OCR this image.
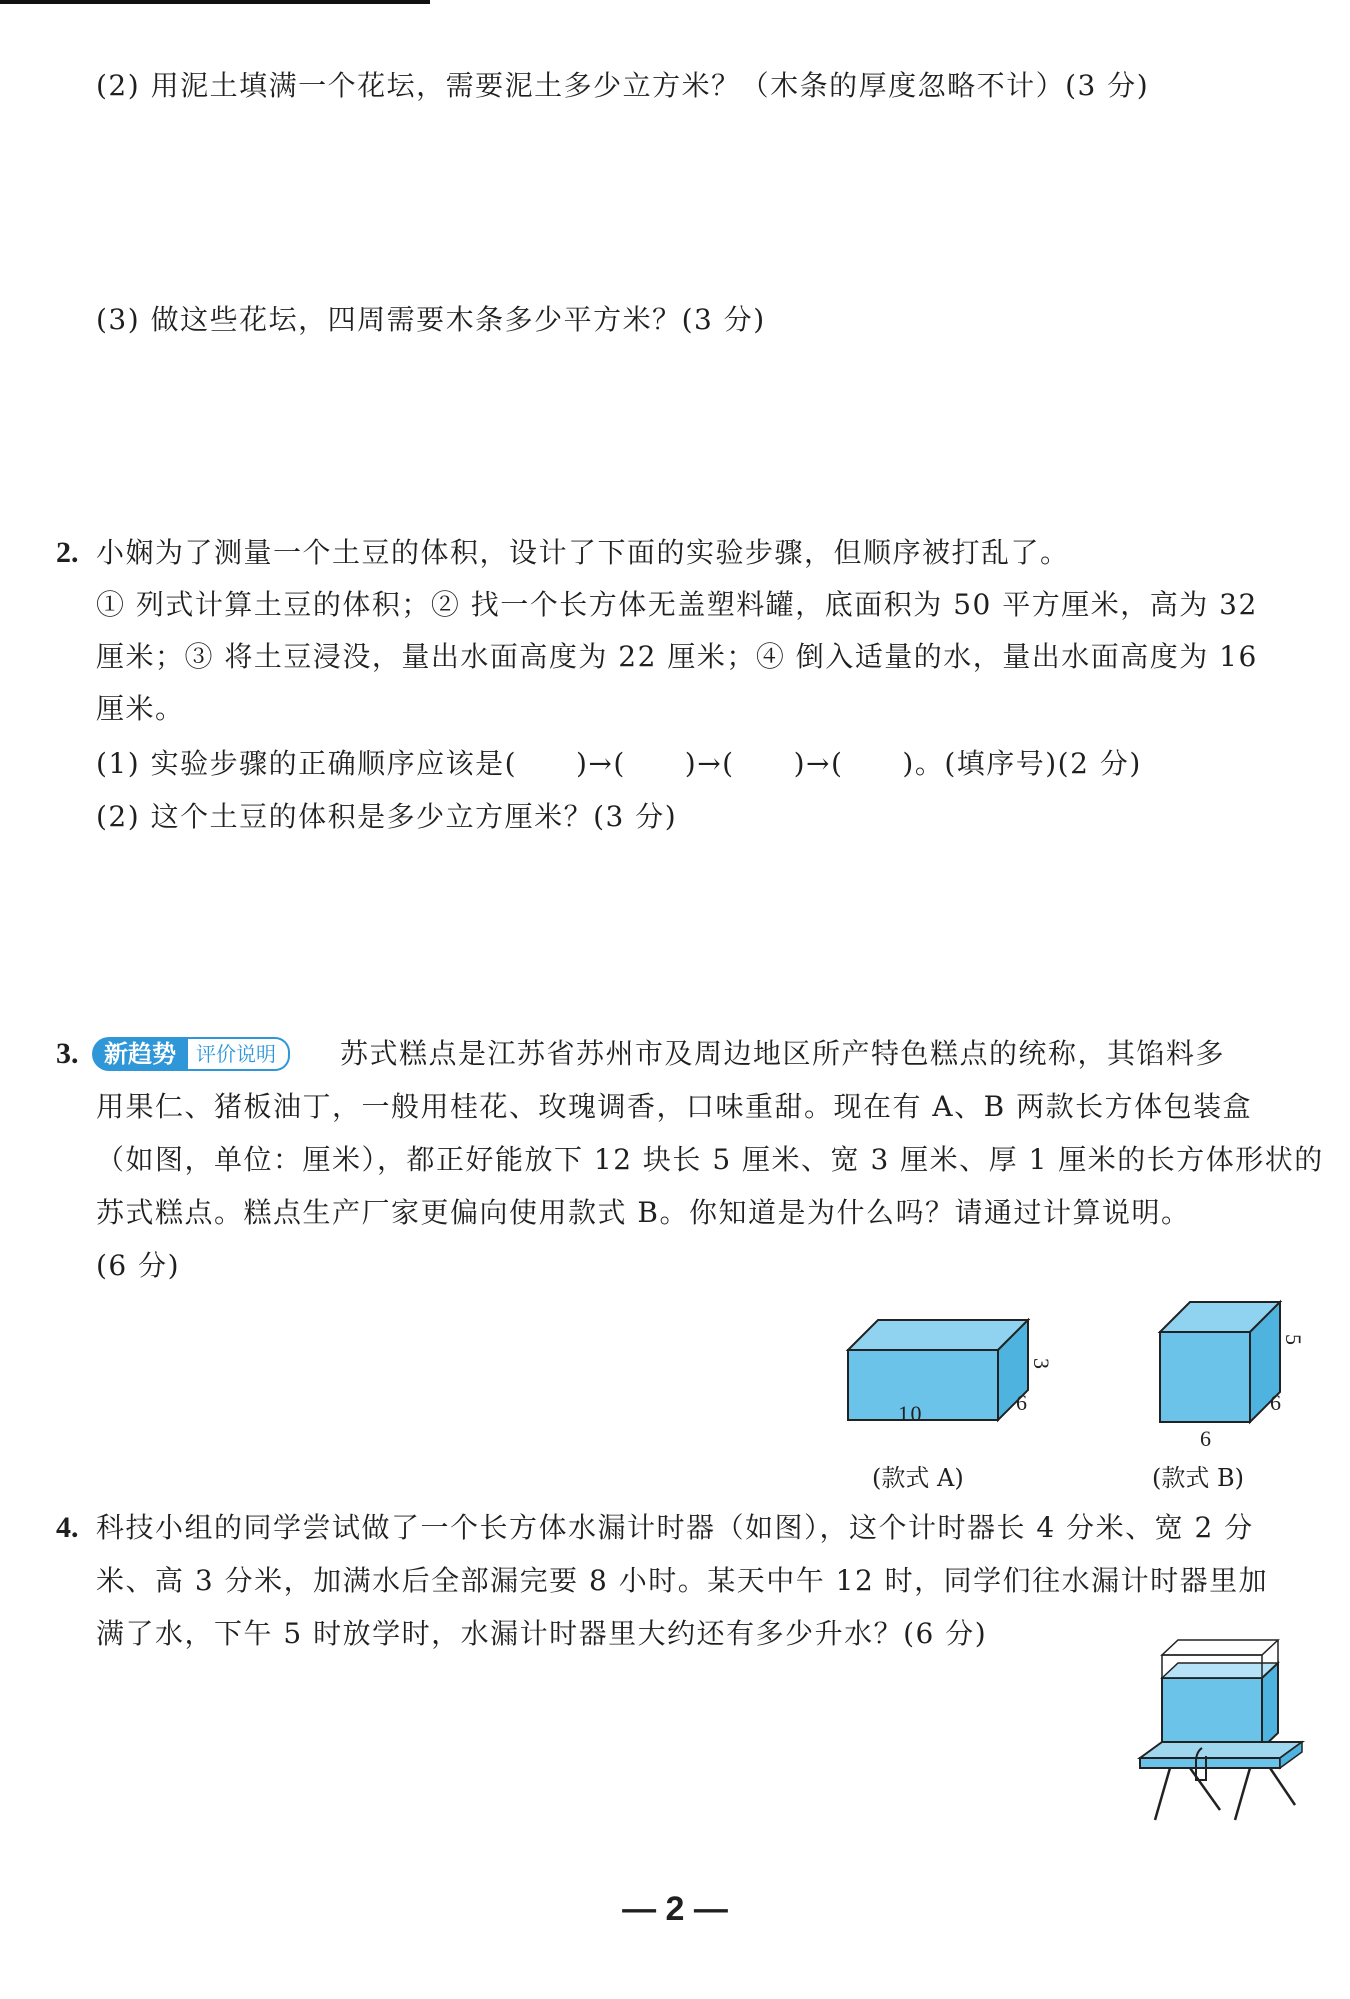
(2) 用泥土填满一个花坛，需要泥土多少立方米？（木条的厚度忽略不计）(3 分)
(3) 做这些花坛，四周需要木条多少平方米？(3 分)
2. 小娴为了测量一个土豆的体积，设计了下面的实验步骤，但顺序被打乱了。
① 列式计算土豆的体积；② 找一个长方体无盖塑料罐，底面积为 50 平方厘米，高为 32
厘米；③ 将土豆浸没，量出水面高度为 22 厘米；④ 倒入适量的水，量出水面高度为 16
厘米。
(1) 实验步骤的正确顺序应该是(　　)→(　　)→(　　)→(　　)。(填序号)(2 分)
(2) 这个土豆的体积是多少立方厘米？(3 分)
3.	新趋势	评价说明	苏式糕点是江苏省苏州市及周边地区所产特色糕点的统称，其馅料多
用果仁、猪板油丁，一般用桂花、玫瑰调香，口味重甜。现在有 A、B 两款长方体包装盒
（如图，单位：厘米），都正好能放下 12 块长 5 厘米、宽 3 厘米、厚 1 厘米的长方体形状的
苏式糕点。糕点生产厂家更偏向使用款式 B。你知道是为什么吗？请通过计算说明。
(6 分)
3
6
10
(款式 A)
5
6
6
(款式 B)
4. 科技小组的同学尝试做了一个长方体水漏计时器（如图），这个计时器长 4 分米、宽 2 分
米、高 3 分米，加满水后全部漏完要 8 小时。某天中午 12 时，同学们往水漏计时器里加
满了水，下午 5 时放学时，水漏计时器里大约还有多少升水？(6 分)
— 2 —
